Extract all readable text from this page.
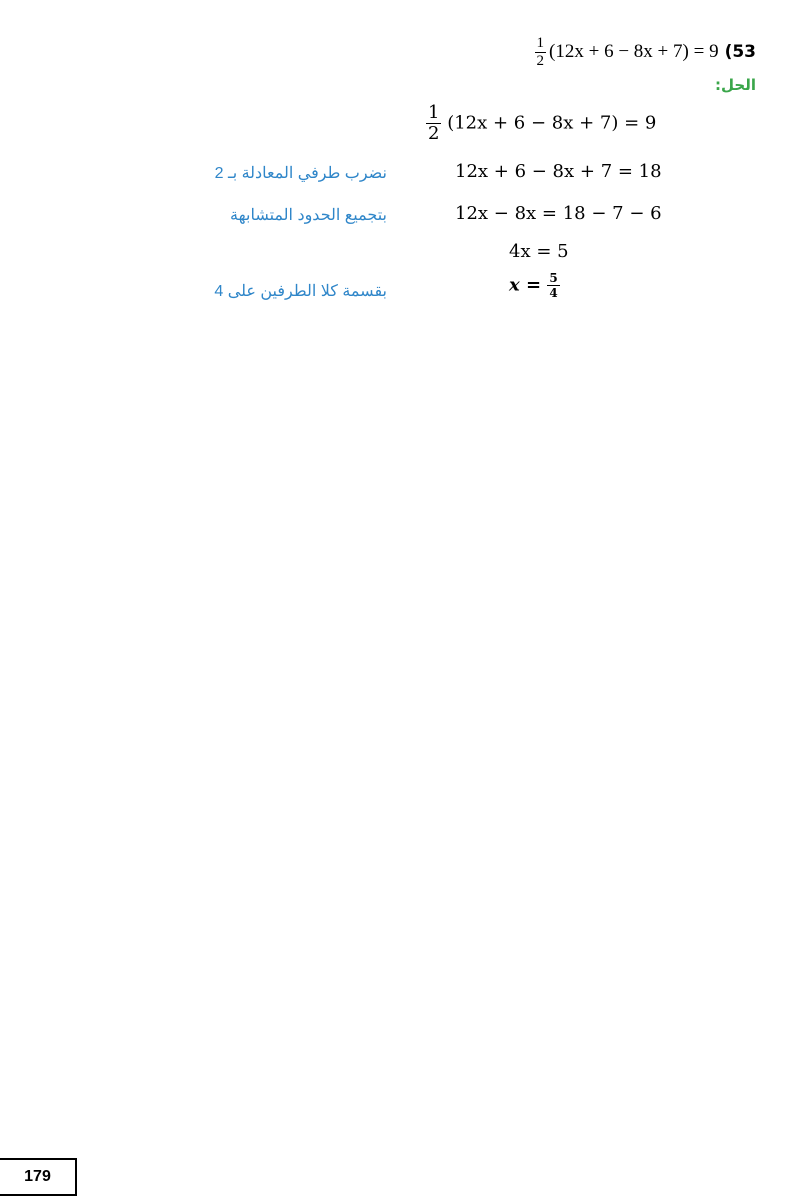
$\frac{1}{2} (12x + 6 - 8x + 7) = 9$ (53
الحل:
$\frac{1}{2} (12x + 6 - 8x + 7) = 9$
12x + 6 − 8x + 7 = 18
نضرب طرفي المعادلة بـ 2
12x − 8x = 18 − 7 − 6
بتجميع الحدود المتشابهة
4x = 5
$x = \frac{5}{4}$
بقسمة كلا الطرفين على 4
179
